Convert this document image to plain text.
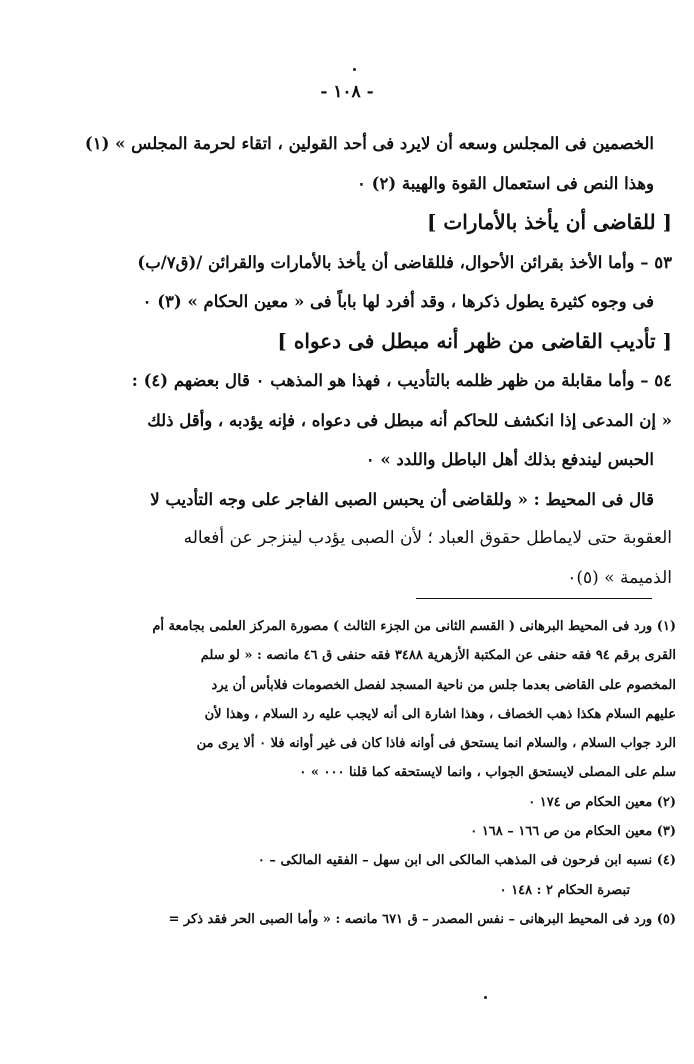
- ١٠٨ -
الخصمين فى المجلس وسعه أن لايرد فى أحد القولين ، اتقاء لحرمة المجلس » (١)
وهذا النص فى استعمال القوة والهيبة (٢) ٠
[ للقاضى أن يأخذ بالأمارات ]
٥٣ – وأما الأخذ بقرائن الأحوال، فللقاضى أن يأخذ بالأمارات والقرائن /(ق٧/ب)
فى وجوه كثيرة يطول ذكرها ، وقد أفرد لها باباً فى « معين الحكام » (٣) ٠
[ تأديب القاضى من ظهر أنه مبطل فى دعواه ]
٥٤ – وأما مقابلة من ظهر ظلمه بالتأديب ، فهذا هو المذهب ٠ قال بعضهم (٤) :
« إن المدعى إذا انكشف للحاكم أنه مبطل فى دعواه ، فإنه يؤدبه ، وأقل ذلك
الحبس ليندفع بذلك أهل الباطل واللدد » ٠
قال فى المحيط : « وللقاضى أن يحبس الصبى الفاجر على وجه التأديب لا
العقوبة حتى لايماطل حقوق العباد ؛ لأن الصبى يؤدب لينزجر عن أفعاله
الذميمة » (٥)٠
(١) ورد فى المحيط البرهانى ( القسم الثانى من الجزء الثالث ) مصورة المركز العلمى بجامعة أم
القرى برقم ٩٤ فقه حنفى عن المكتبة الأزهرية ٣٤٨٨ فقه حنفى ق ٤٦ مانصه : « لو سلم
المخصوم على القاضى بعدما جلس من ناحية المسجد لفصل الخصومات فلابأس أن يرد
عليهم السلام هكذا ذهب الخصاف ، وهذا اشارة الى أنه لايجب عليه رد السلام ، وهذا لأن
الرد جواب السلام ، والسلام انما يستحق فى أوانه فاذا كان فى غير أوانه فلا ٠ ألا يرى من
سلم على المصلى لايستحق الجواب ، وانما لايستحقه كما قلنا ٠٠٠ » ٠
(٢) معين الحكام ص ١٧٤ ٠
(٣) معين الحكام من ص ١٦٦ – ١٦٨ ٠
(٤) نسبه ابن فرحون فى المذهب المالكى الى ابن سهل – الفقيه المالكى – ٠
تبصرة الحكام ٢ : ١٤٨ ٠
(٥) ورد فى المحيط البرهانى – نفس المصدر – ق ٦٧١ مانصه : « وأما الصبى الحر فقد ذكر =
